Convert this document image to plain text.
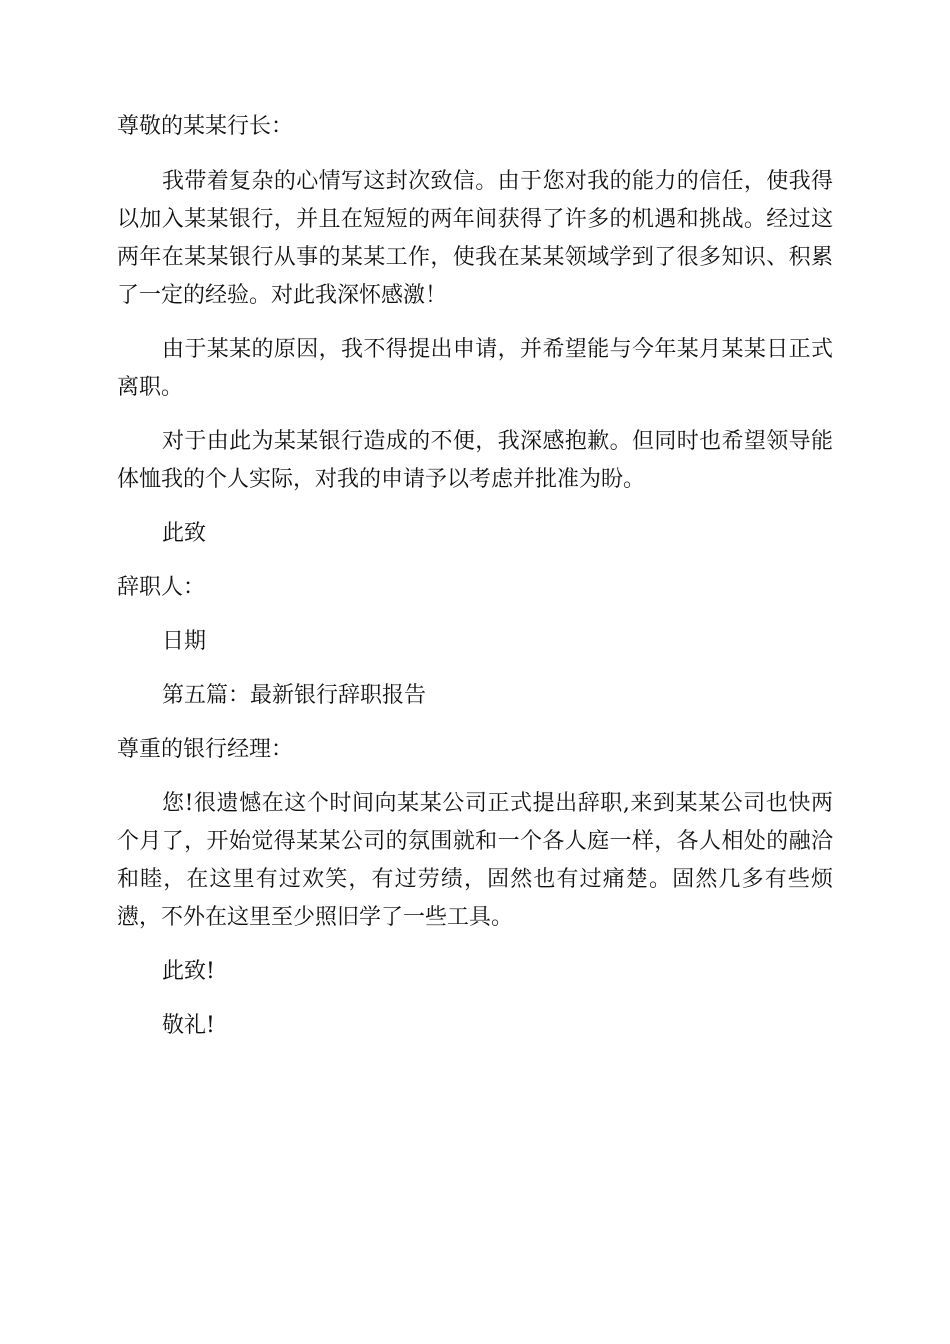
尊敬的某某行长：

我带着复杂的心情写这封次致信。由于您对我的能力的信任，使我得以加入某某银行，并且在短短的两年间获得了许多的机遇和挑战。经过这两年在某某银行从事的某某工作，使我在某某领域学到了很多知识、积累了一定的经验。对此我深怀感激！

由于某某的原因，我不得提出申请，并希望能与今年某月某某日正式离职。

对于由此为某某银行造成的不便，我深感抱歉。但同时也希望领导能体恤我的个人实际，对我的申请予以考虑并批准为盼。

此致

辞职人：

日期

第五篇：最新银行辞职报告

尊重的银行经理：

您!很遗憾在这个时间向某某公司正式提出辞职,来到某某公司也快两个月了，开始觉得某某公司的氛围就和一个各人庭一样，各人相处的融洽和睦，在这里有过欢笑，有过劳绩，固然也有过痛楚。固然几多有些烦懑，不外在这里至少照旧学了一些工具。

此致!

敬礼!
